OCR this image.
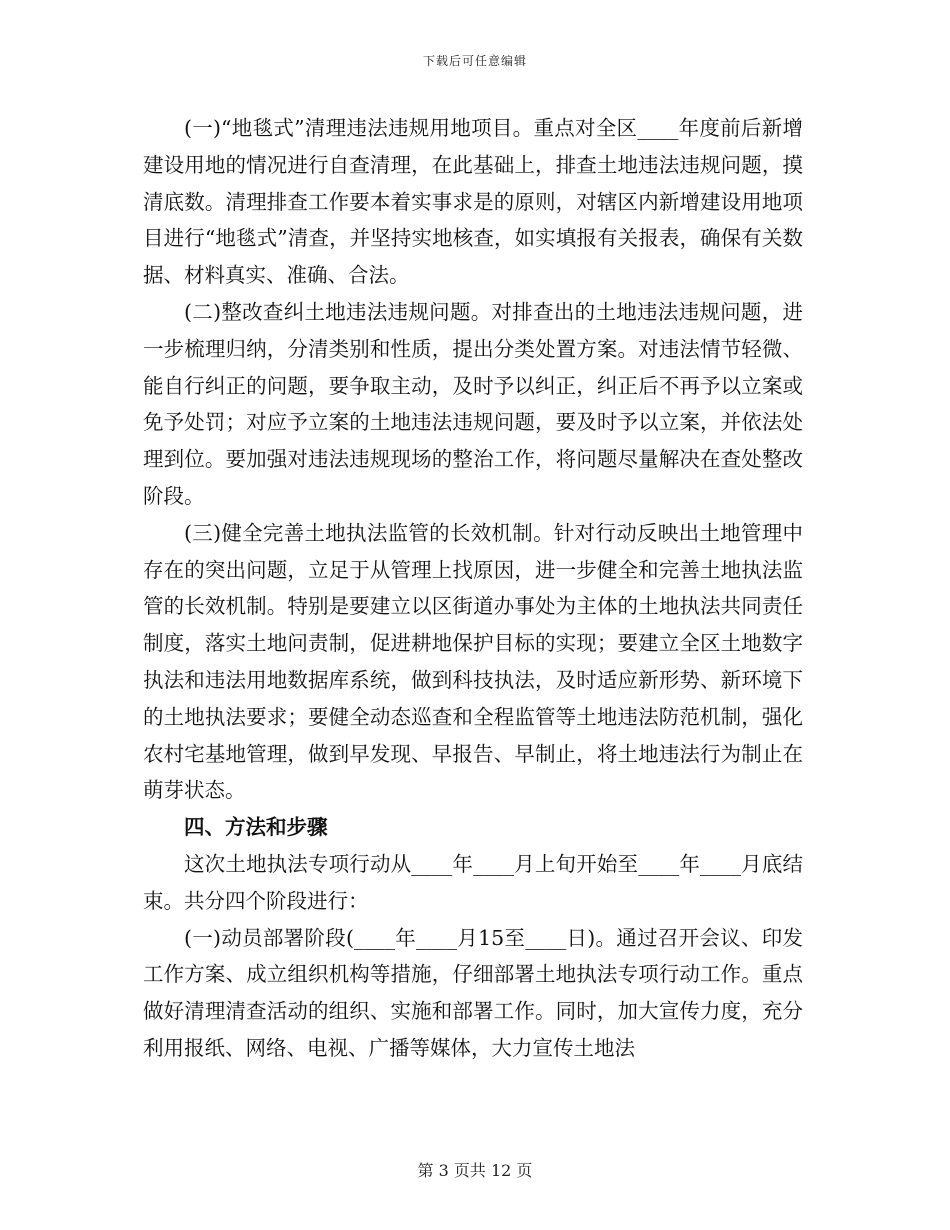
下载后可任意编辑

(一)“地毯式”清理违法违规用地项目。重点对全区____年度前后新增建设用地的情况进行自查清理，在此基础上，排查土地违法违规问题，摸清底数。清理排查工作要本着实事求是的原则，对辖区内新增建设用地项目进行“地毯式”清查，并坚持实地核查，如实填报有关报表，确保有关数据、材料真实、准确、合法。

(二)整改查纠土地违法违规问题。对排查出的土地违法违规问题，进一步梳理归纳，分清类别和性质，提出分类处置方案。对违法情节轻微、能自行纠正的问题，要争取主动，及时予以纠正，纠正后不再予以立案或免予处罚；对应予立案的土地违法违规问题，要及时予以立案，并依法处理到位。要加强对违法违规现场的整治工作，将问题尽量解决在查处整改阶段。

(三)健全完善土地执法监管的长效机制。针对行动反映出土地管理中存在的突出问题，立足于从管理上找原因，进一步健全和完善土地执法监管的长效机制。特别是要建立以区街道办事处为主体的土地执法共同责任制度，落实土地问责制，促进耕地保护目标的实现；要建立全区土地数字执法和违法用地数据库系统，做到科技执法，及时适应新形势、新环境下的土地执法要求；要健全动态巡查和全程监管等土地违法防范机制，强化农村宅基地管理，做到早发现、早报告、早制止，将土地违法行为制止在萌芽状态。

四、方法和步骤

这次土地执法专项行动从____年____月上旬开始至____年____月底结束。共分四个阶段进行：

(一)动员部署阶段(____年____月15至____日)。通过召开会议、印发工作方案、成立组织机构等措施，仔细部署土地执法专项行动工作。重点做好清理清查活动的组织、实施和部署工作。同时，加大宣传力度，充分利用报纸、网络、电视、广播等媒体，大力宣传土地法

第 3 页共 12 页
